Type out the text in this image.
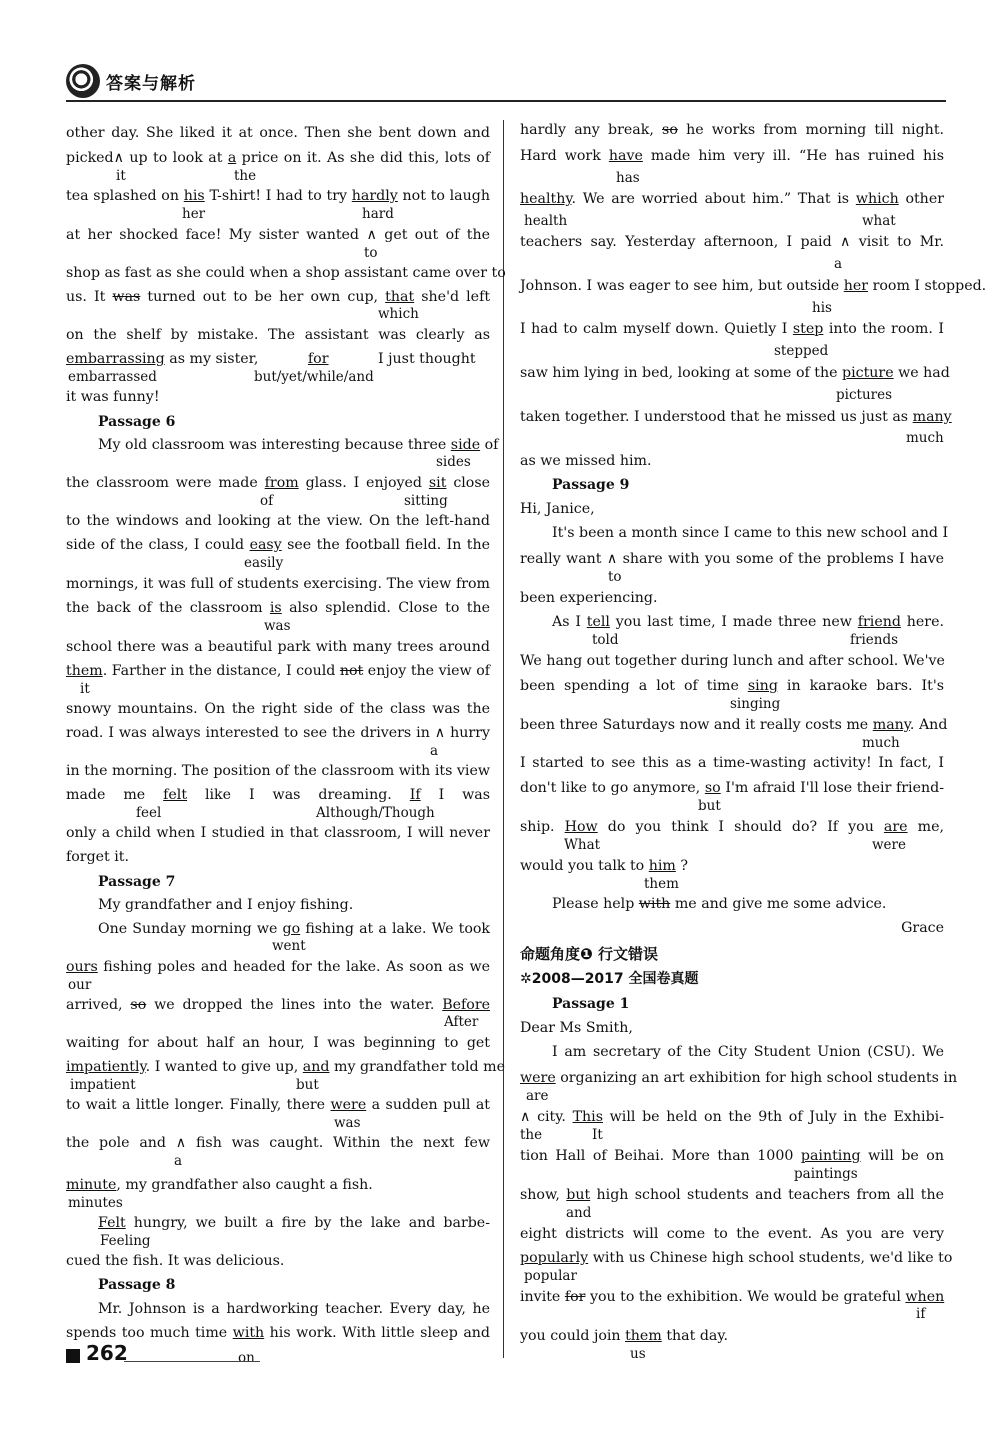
答案与解析
other day. She liked it at once. Then she bent down and
picked∧ up to look at a price on it. As she did this, lots of
it	the
tea splashed on his T-shirt! I had to try hardly not to laugh
her	hard
at her shocked face! My sister wanted ∧ get out of the
to
shop as fast as she could when a shop assistant came over to
us. It was turned out to be her own cup, that she'd left
which
on the shelf by mistake. The assistant was clearly as
embarrassing as my sister,	for	I just thought
embarrassed	but/yet/while/and
it was funny!
Passage 6
My old classroom was interesting because three side of
sides
the classroom were made from glass. I enjoyed sit close
of	sitting
to the windows and looking at the view. On the left-hand
side of the class, I could easy see the football field. In the
easily
mornings, it was full of students exercising. The view from
the back of the classroom is also splendid. Close to the
was
school there was a beautiful park with many trees around
them. Farther in the distance, I could not enjoy the view of
it
snowy mountains. On the right side of the class was the
road. I was always interested to see the drivers in ∧ hurry
a
in the morning. The position of the classroom with its view
made me felt like I was dreaming. If I was
feel	Although/Though
only a child when I studied in that classroom, I will never
forget it.
Passage 7
My grandfather and I enjoy fishing.
One Sunday morning we go fishing at a lake. We took
went
ours fishing poles and headed for the lake. As soon as we
our
arrived, so we dropped the lines into the water. Before
After
waiting for about half an hour, I was beginning to get
impatiently. I wanted to give up, and my grandfather told me
impatient	but
to wait a little longer. Finally, there were a sudden pull at
was
the pole and ∧ fish was caught. Within the next few
a
minute, my grandfather also caught a fish.
minutes
Felt hungry, we built a fire by the lake and barbe-
Feeling
cued the fish. It was delicious.
Passage 8
Mr. Johnson is a hardworking teacher. Every day, he
spends too much time with his work. With little sleep and
on
hardly any break, so he works from morning till night.
Hard work have made him very ill. “He has ruined his
has
healthy. We are worried about him.” That is which other
health	what
teachers say. Yesterday afternoon, I paid ∧ visit to Mr.
a
Johnson. I was eager to see him, but outside her room I stopped.
his
I had to calm myself down. Quietly I step into the room. I
stepped
saw him lying in bed, looking at some of the picture we had
pictures
taken together. I understood that he missed us just as many
much
as we missed him.
Passage 9
Hi, Janice,
It's been a month since I came to this new school and I
really want ∧ share with you some of the problems I have
to
been experiencing.
As I tell you last time, I made three new friend here.
told	friends
We hang out together during lunch and after school. We've
been spending a lot of time sing in karaoke bars. It's
singing
been three Saturdays now and it really costs me many. And
much
I started to see this as a time-wasting activity! In fact, I
don't like to go anymore, so I'm afraid I'll lose their friend-
but
ship. How do you think I should do? If you are me,
What	were
would you talk to him ?
them
Please help with me and give me some advice.
Grace
命题角度❶ 行文错误
✲2008—2017 全国卷真题
Passage 1
Dear Ms Smith,
I am secretary of the City Student Union (CSU). We
were organizing an art exhibition for high school students in
are
∧ city. This will be held on the 9th of July in the Exhibi-
the	It
tion Hall of Beihai. More than 1000 painting will be on
paintings
show, but high school students and teachers from all the
and
eight districts will come to the event. As you are very
popularly with us Chinese high school students, we'd like to
popular
invite for you to the exhibition. We would be grateful when
if
you could join them that day.
us
262
